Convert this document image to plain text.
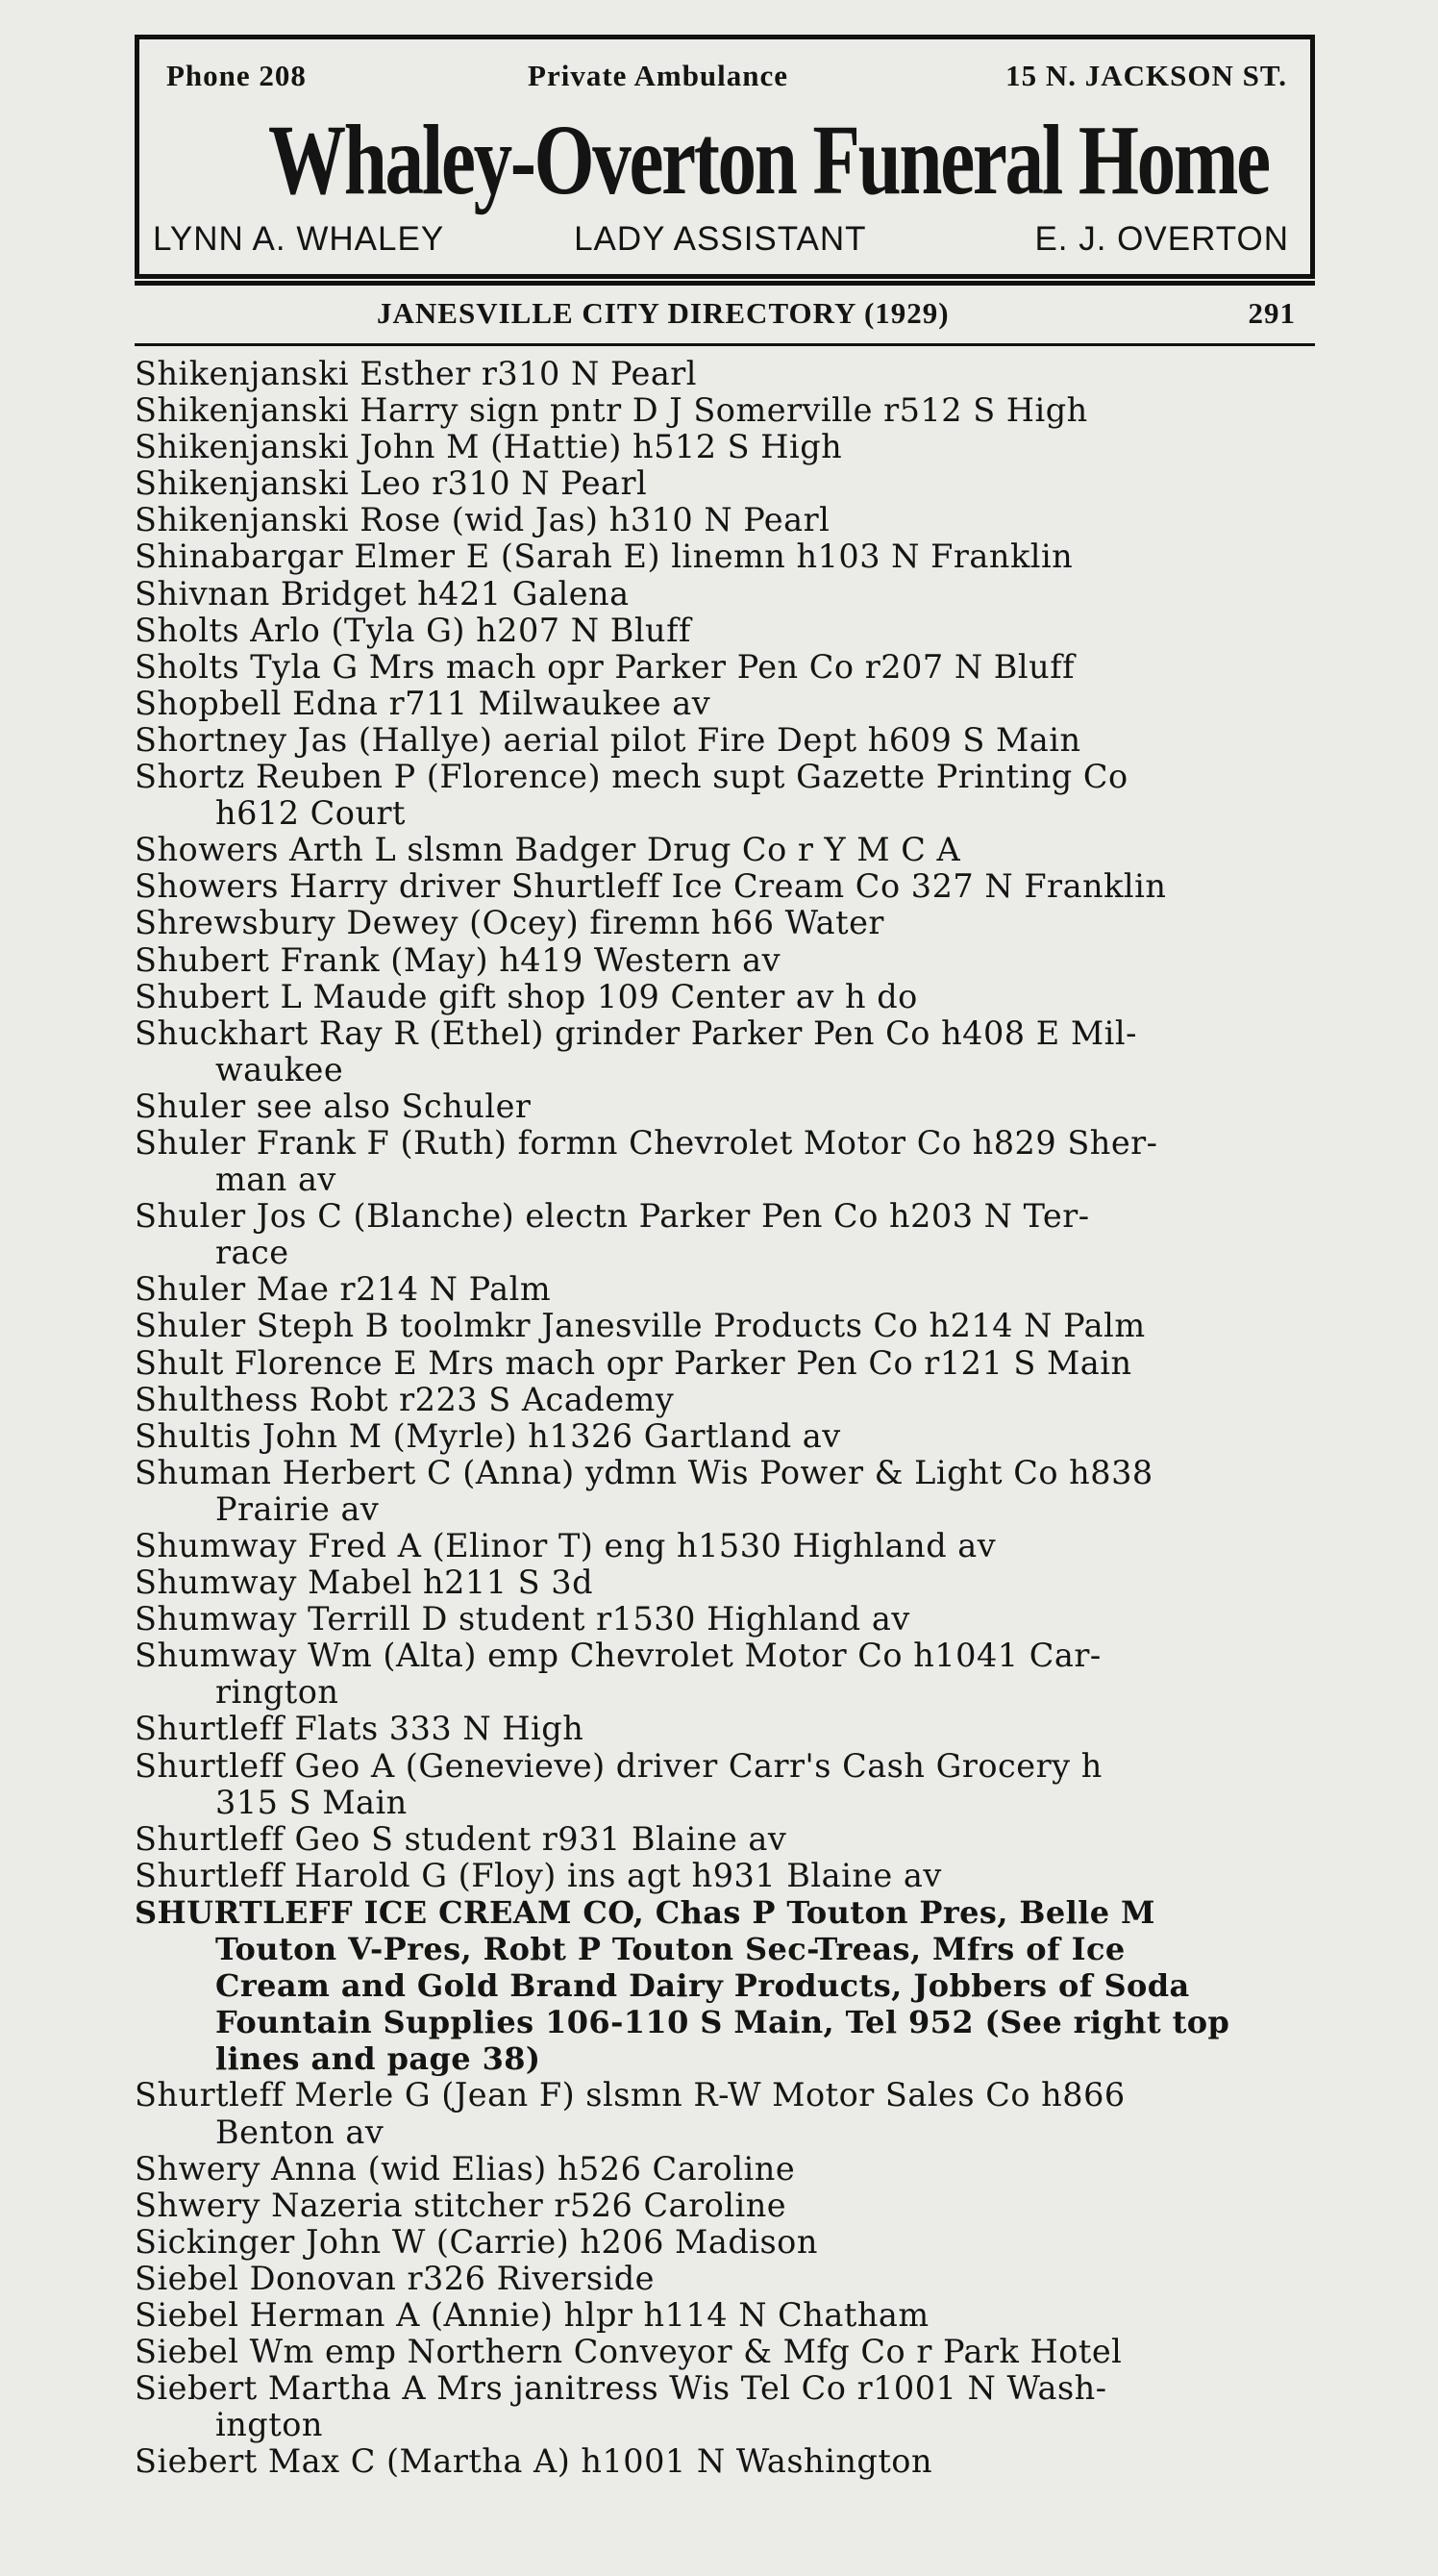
Phone 208	Private Ambulance	15 N. JACKSON ST.
Whaley-Overton Funeral Home
LYNN A. WHALEY	LADY ASSISTANT	E. J. OVERTON
JANESVILLE CITY DIRECTORY (1929)	291
Shikenjanski Esther r310 N Pearl
Shikenjanski Harry sign pntr D J Somerville r512 S High
Shikenjanski John M (Hattie) h512 S High
Shikenjanski Leo r310 N Pearl
Shikenjanski Rose (wid Jas) h310 N Pearl
Shinabargar Elmer E (Sarah E) linemn h103 N Franklin
Shivnan Bridget h421 Galena
Sholts Arlo (Tyla G) h207 N Bluff
Sholts Tyla G Mrs mach opr Parker Pen Co r207 N Bluff
Shopbell Edna r711 Milwaukee av
Shortney Jas (Hallye) aerial pilot Fire Dept h609 S Main
Shortz Reuben P (Florence) mech supt Gazette Printing Co
h612 Court
Showers Arth L slsmn Badger Drug Co r Y M C A
Showers Harry driver Shurtleff Ice Cream Co 327 N Franklin
Shrewsbury Dewey (Ocey) firemn h66 Water
Shubert Frank (May) h419 Western av
Shubert L Maude gift shop 109 Center av h do
Shuckhart Ray R (Ethel) grinder Parker Pen Co h408 E Mil-
waukee
Shuler see also Schuler
Shuler Frank F (Ruth) formn Chevrolet Motor Co h829 Sher-
man av
Shuler Jos C (Blanche) electn Parker Pen Co h203 N Ter-
race
Shuler Mae r214 N Palm
Shuler Steph B toolmkr Janesville Products Co h214 N Palm
Shult Florence E Mrs mach opr Parker Pen Co r121 S Main
Shulthess Robt r223 S Academy
Shultis John M (Myrle) h1326 Gartland av
Shuman Herbert C (Anna) ydmn Wis Power & Light Co h838
Prairie av
Shumway Fred A (Elinor T) eng h1530 Highland av
Shumway Mabel h211 S 3d
Shumway Terrill D student r1530 Highland av
Shumway Wm (Alta) emp Chevrolet Motor Co h1041 Car-
rington
Shurtleff Flats 333 N High
Shurtleff Geo A (Genevieve) driver Carr's Cash Grocery h
315 S Main
Shurtleff Geo S student r931 Blaine av
Shurtleff Harold G (Floy) ins agt h931 Blaine av
SHURTLEFF ICE CREAM CO, Chas P Touton Pres, Belle M
Touton V-Pres, Robt P Touton Sec-Treas, Mfrs of Ice
Cream and Gold Brand Dairy Products, Jobbers of Soda
Fountain Supplies 106-110 S Main, Tel 952 (See right top
lines and page 38)
Shurtleff Merle G (Jean F) slsmn R-W Motor Sales Co h866
Benton av
Shwery Anna (wid Elias) h526 Caroline
Shwery Nazeria stitcher r526 Caroline
Sickinger John W (Carrie) h206 Madison
Siebel Donovan r326 Riverside
Siebel Herman A (Annie) hlpr h114 N Chatham
Siebel Wm emp Northern Conveyor & Mfg Co r Park Hotel
Siebert Martha A Mrs janitress Wis Tel Co r1001 N Wash-
ington
Siebert Max C (Martha A) h1001 N Washington
